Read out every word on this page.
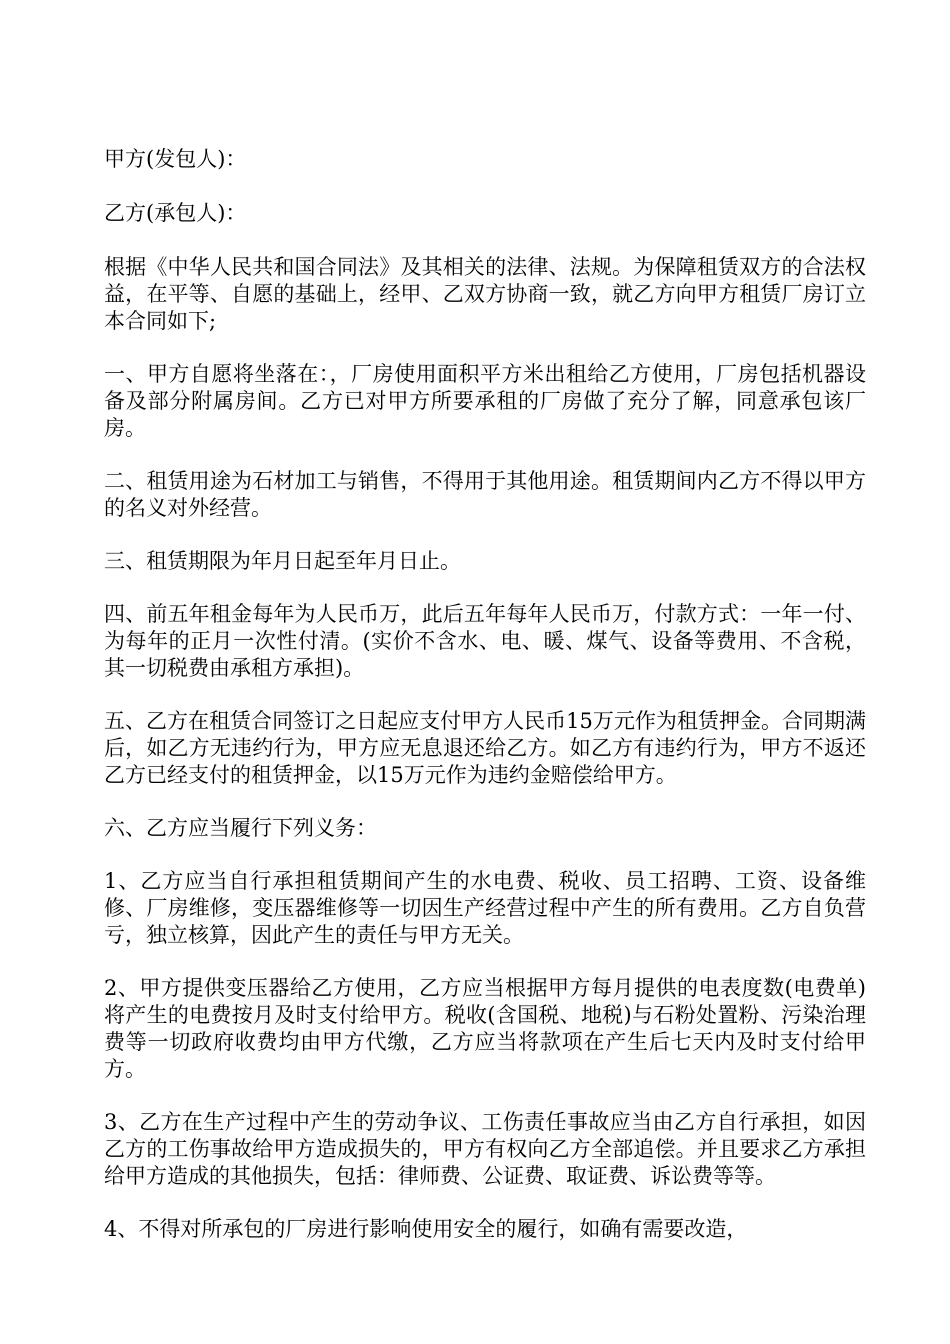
甲方(发包人)：

乙方(承包人)：

根据《中华人民共和国合同法》及其相关的法律、法规。为保障租赁双方的合法权益，在平等、自愿的基础上，经甲、乙双方协商一致，就乙方向甲方租赁厂房订立本合同如下;

一、甲方自愿将坐落在：，厂房使用面积平方米出租给乙方使用，厂房包括机器设备及部分附属房间。乙方已对甲方所要承租的厂房做了充分了解，同意承包该厂房。

二、租赁用途为石材加工与销售，不得用于其他用途。租赁期间内乙方不得以甲方的名义对外经营。

三、租赁期限为年月日起至年月日止。

四、前五年租金每年为人民币万，此后五年每年人民币万，付款方式：一年一付、为每年的正月一次性付清。(实价不含水、电、暖、煤气、设备等费用、不含税，其一切税费由承租方承担)。

五、乙方在租赁合同签订之日起应支付甲方人民币15万元作为租赁押金。合同期满后，如乙方无违约行为，甲方应无息退还给乙方。如乙方有违约行为，甲方不返还乙方已经支付的租赁押金，以15万元作为违约金赔偿给甲方。

六、乙方应当履行下列义务：

1、乙方应当自行承担租赁期间产生的水电费、税收、员工招聘、工资、设备维修、厂房维修，变压器维修等一切因生产经营过程中产生的所有费用。乙方自负营亏，独立核算，因此产生的责任与甲方无关。

2、甲方提供变压器给乙方使用，乙方应当根据甲方每月提供的电表度数(电费单)将产生的电费按月及时支付给甲方。税收(含国税、地税)与石粉处置粉、污染治理费等一切政府收费均由甲方代缴，乙方应当将款项在产生后七天内及时支付给甲方。

3、乙方在生产过程中产生的劳动争议、工伤责任事故应当由乙方自行承担，如因乙方的工伤事故给甲方造成损失的，甲方有权向乙方全部追偿。并且要求乙方承担给甲方造成的其他损失，包括：律师费、公证费、取证费、诉讼费等等。

4、不得对所承包的厂房进行影响使用安全的履行，如确有需要改造，
